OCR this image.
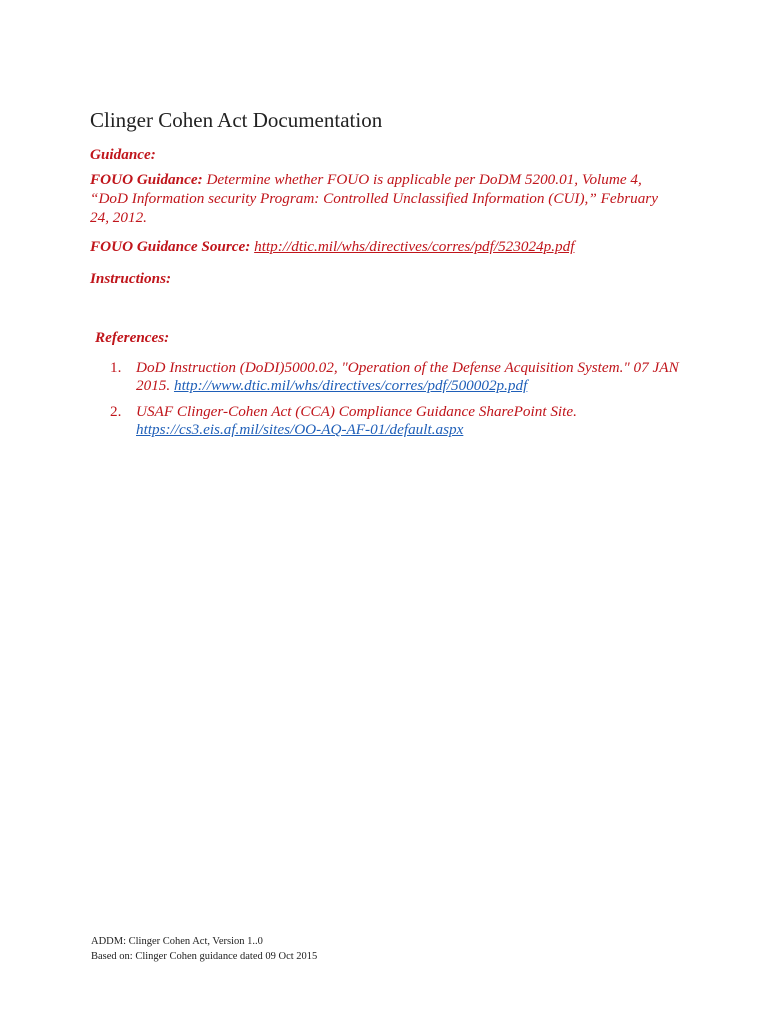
Clinger Cohen Act Documentation

Guidance:

FOUO Guidance: Determine whether FOUO is applicable per DoDM 5200.01, Volume 4, “DoD Information security Program: Controlled Unclassified Information (CUI),” February 24, 2012.

FOUO Guidance Source: http://dtic.mil/whs/directives/corres/pdf/523024p.pdf

Instructions:

References:

1. DoD Instruction (DoDI)5000.02, "Operation of the Defense Acquisition System." 07 JAN 2015. http://www.dtic.mil/whs/directives/corres/pdf/500002p.pdf
2. USAF Clinger-Cohen Act (CCA) Compliance Guidance SharePoint Site.
https://cs3.eis.af.mil/sites/OO-AQ-AF-01/default.aspx
ADDM: Clinger Cohen Act, Version 1..0
Based on: Clinger Cohen guidance dated 09 Oct 2015
